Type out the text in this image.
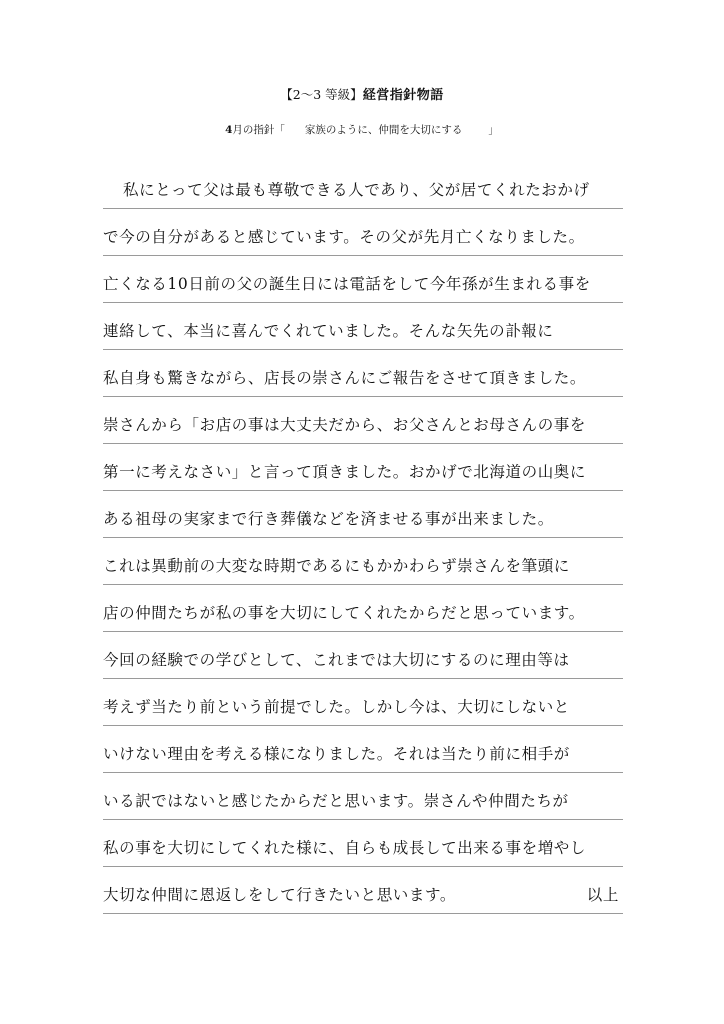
【2～3 等級】経営指針物語
4月の指針「 家族のように、仲間を大切にする 」
私にとって父は最も尊敬できる人であり、父が居てくれたおかげ
で今の自分があると感じています。その父が先月亡くなりました。
亡くなる10日前の父の誕生日には電話をして今年孫が生まれる事を
連絡して、本当に喜んでくれていました。そんな矢先の訃報に
私自身も驚きながら、店長の崇さんにご報告をさせて頂きました。
崇さんから「お店の事は大丈夫だから、お父さんとお母さんの事を
第一に考えなさい」と言って頂きました。おかげで北海道の山奥に
ある祖母の実家まで行き葬儀などを済ませる事が出来ました。
これは異動前の大変な時期であるにもかかわらず崇さんを筆頭に
店の仲間たちが私の事を大切にしてくれたからだと思っています。
今回の経験での学びとして、これまでは大切にするのに理由等は
考えず当たり前という前提でした。しかし今は、大切にしないと
いけない理由を考える様になりました。それは当たり前に相手が
いる訳ではないと感じたからだと思います。崇さんや仲間たちが
私の事を大切にしてくれた様に、自らも成長して出来る事を増やし
大切な仲間に恩返しをして行きたいと思います。	以上
